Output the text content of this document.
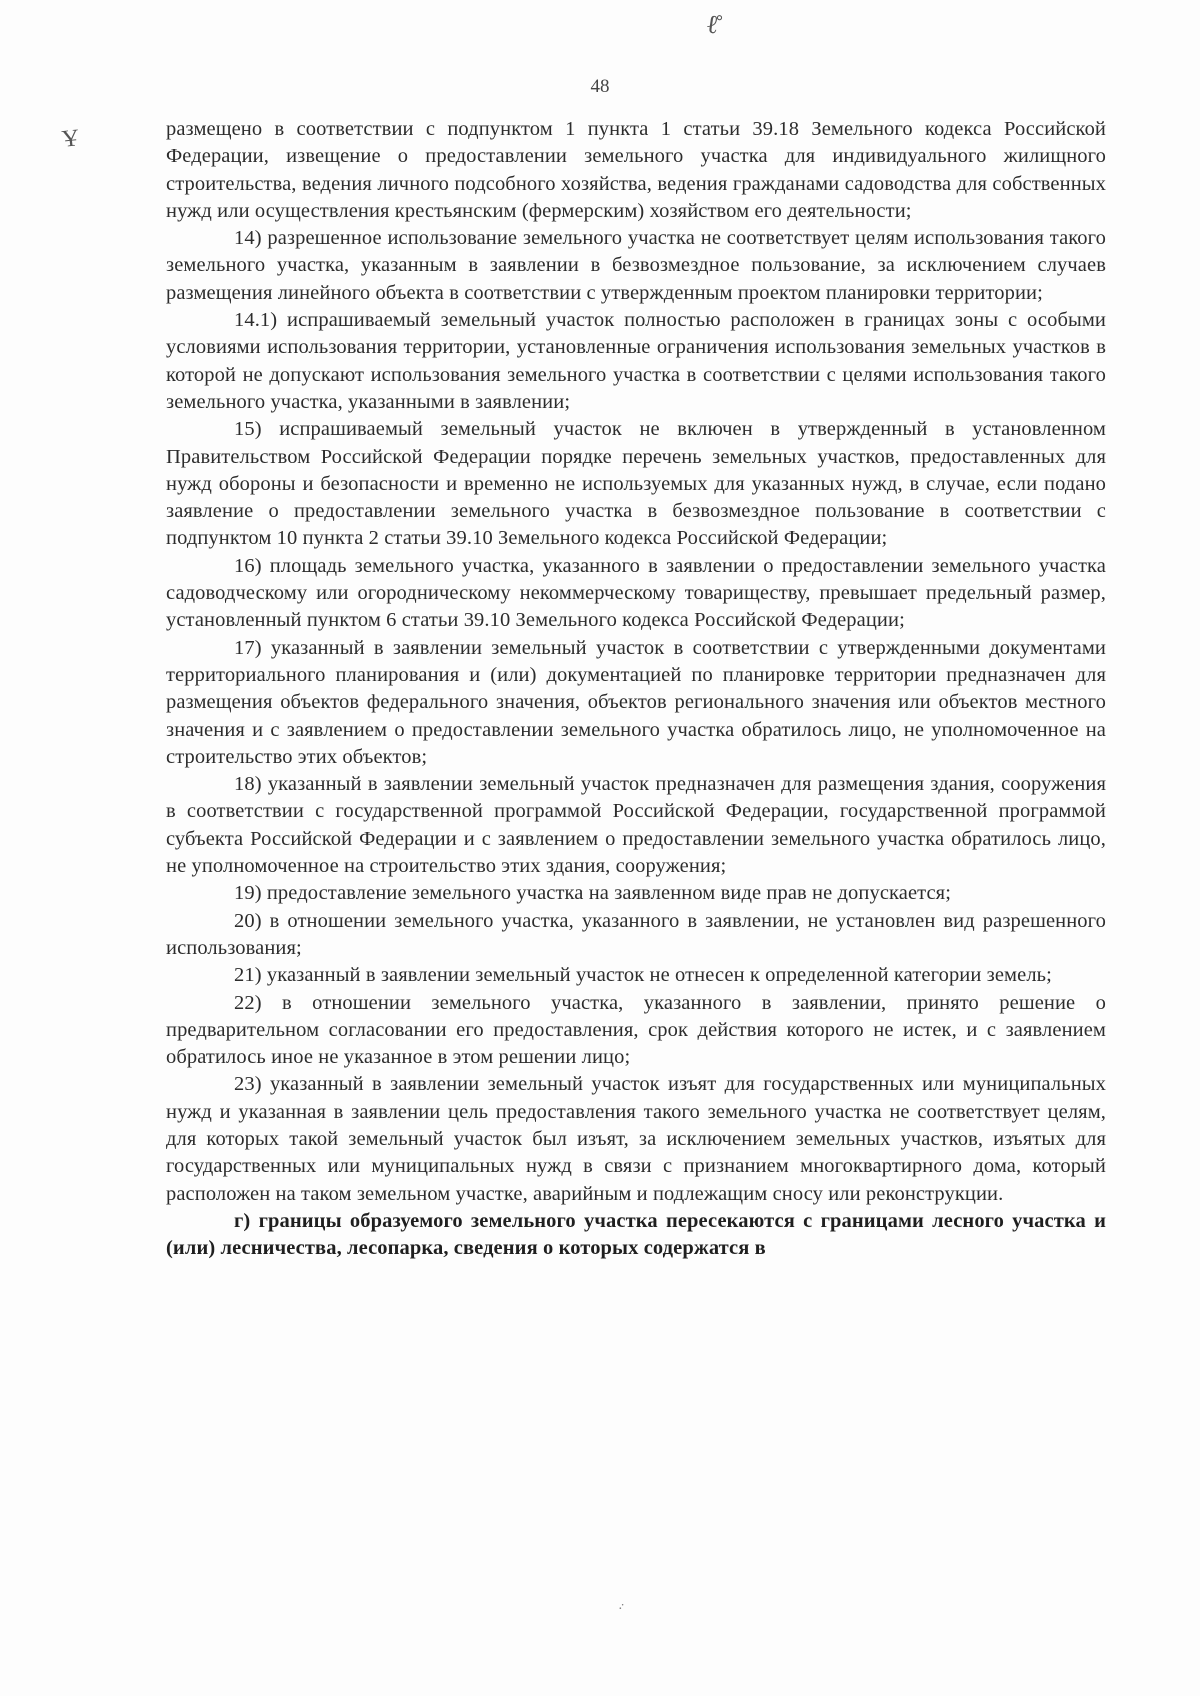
ℓ̊
48
Ұ	размещено в соответствии с подпунктом 1 пункта 1 статьи 39.18 Земельного кодекса Российской Федерации, извещение о предоставлении земельного участка для индивидуального жилищного строительства, ведения личного подсобного хозяйства, ведения гражданами садоводства для собственных нужд или осуществления крестьянским (фермерским) хозяйством его деятельности;

14) разрешенное использование земельного участка не соответствует целям использования такого земельного участка, указанным в заявлении в безвозмездное пользование, за исключением случаев размещения линейного объекта в соответствии с утвержденным проектом планировки территории;

14.1) испрашиваемый земельный участок полностью расположен в границах зоны с особыми условиями использования территории, установленные ограничения использования земельных участков в которой не допускают использования земельного участка в соответствии с целями использования такого земельного участка, указанными в заявлении;

15) испрашиваемый земельный участок не включен в утвержденный в установленном Правительством Российской Федерации порядке перечень земельных участков, предоставленных для нужд обороны и безопасности и временно не используемых для указанных нужд, в случае, если подано заявление о предоставлении земельного участка в безвозмездное пользование в соответствии с подпунктом 10 пункта 2 статьи 39.10 Земельного кодекса Российской Федерации;

16) площадь земельного участка, указанного в заявлении о предоставлении земельного участка садоводческому или огородническому некоммерческому товариществу, превышает предельный размер, установленный пунктом 6 статьи 39.10 Земельного кодекса Российской Федерации;

17) указанный в заявлении земельный участок в соответствии с утвержденными документами территориального планирования и (или) документацией по планировке территории предназначен для размещения объектов федерального значения, объектов регионального значения или объектов местного значения и с заявлением о предоставлении земельного участка обратилось лицо, не уполномоченное на строительство этих объектов;

18) указанный в заявлении земельный участок предназначен для размещения здания, сооружения в соответствии с государственной программой Российской Федерации, государственной программой субъекта Российской Федерации и с заявлением о предоставлении земельного участка обратилось лицо, не уполномоченное на строительство этих здания, сооружения;

19) предоставление земельного участка на заявленном виде прав не допускается;

20) в отношении земельного участка, указанного в заявлении, не установлен вид разрешенного использования;

21) указанный в заявлении земельный участок не отнесен к определенной категории земель;

22) в отношении земельного участка, указанного в заявлении, принято решение о предварительном согласовании его предоставления, срок действия которого не истек, и с заявлением обратилось иное не указанное в этом решении лицо;

23) указанный в заявлении земельный участок изъят для государственных или муниципальных нужд и указанная в заявлении цель предоставления такого земельного участка не соответствует целям, для которых такой земельный участок был изъят, за исключением земельных участков, изъятых для государственных или муниципальных нужд в связи с признанием многоквартирного дома, который расположен на таком земельном участке, аварийным и подлежащим сносу или реконструкции.

г) границы образуемого земельного участка пересекаются с границами лесного участка и (или) лесничества, лесопарка, сведения о которых содержатся в

·̇
